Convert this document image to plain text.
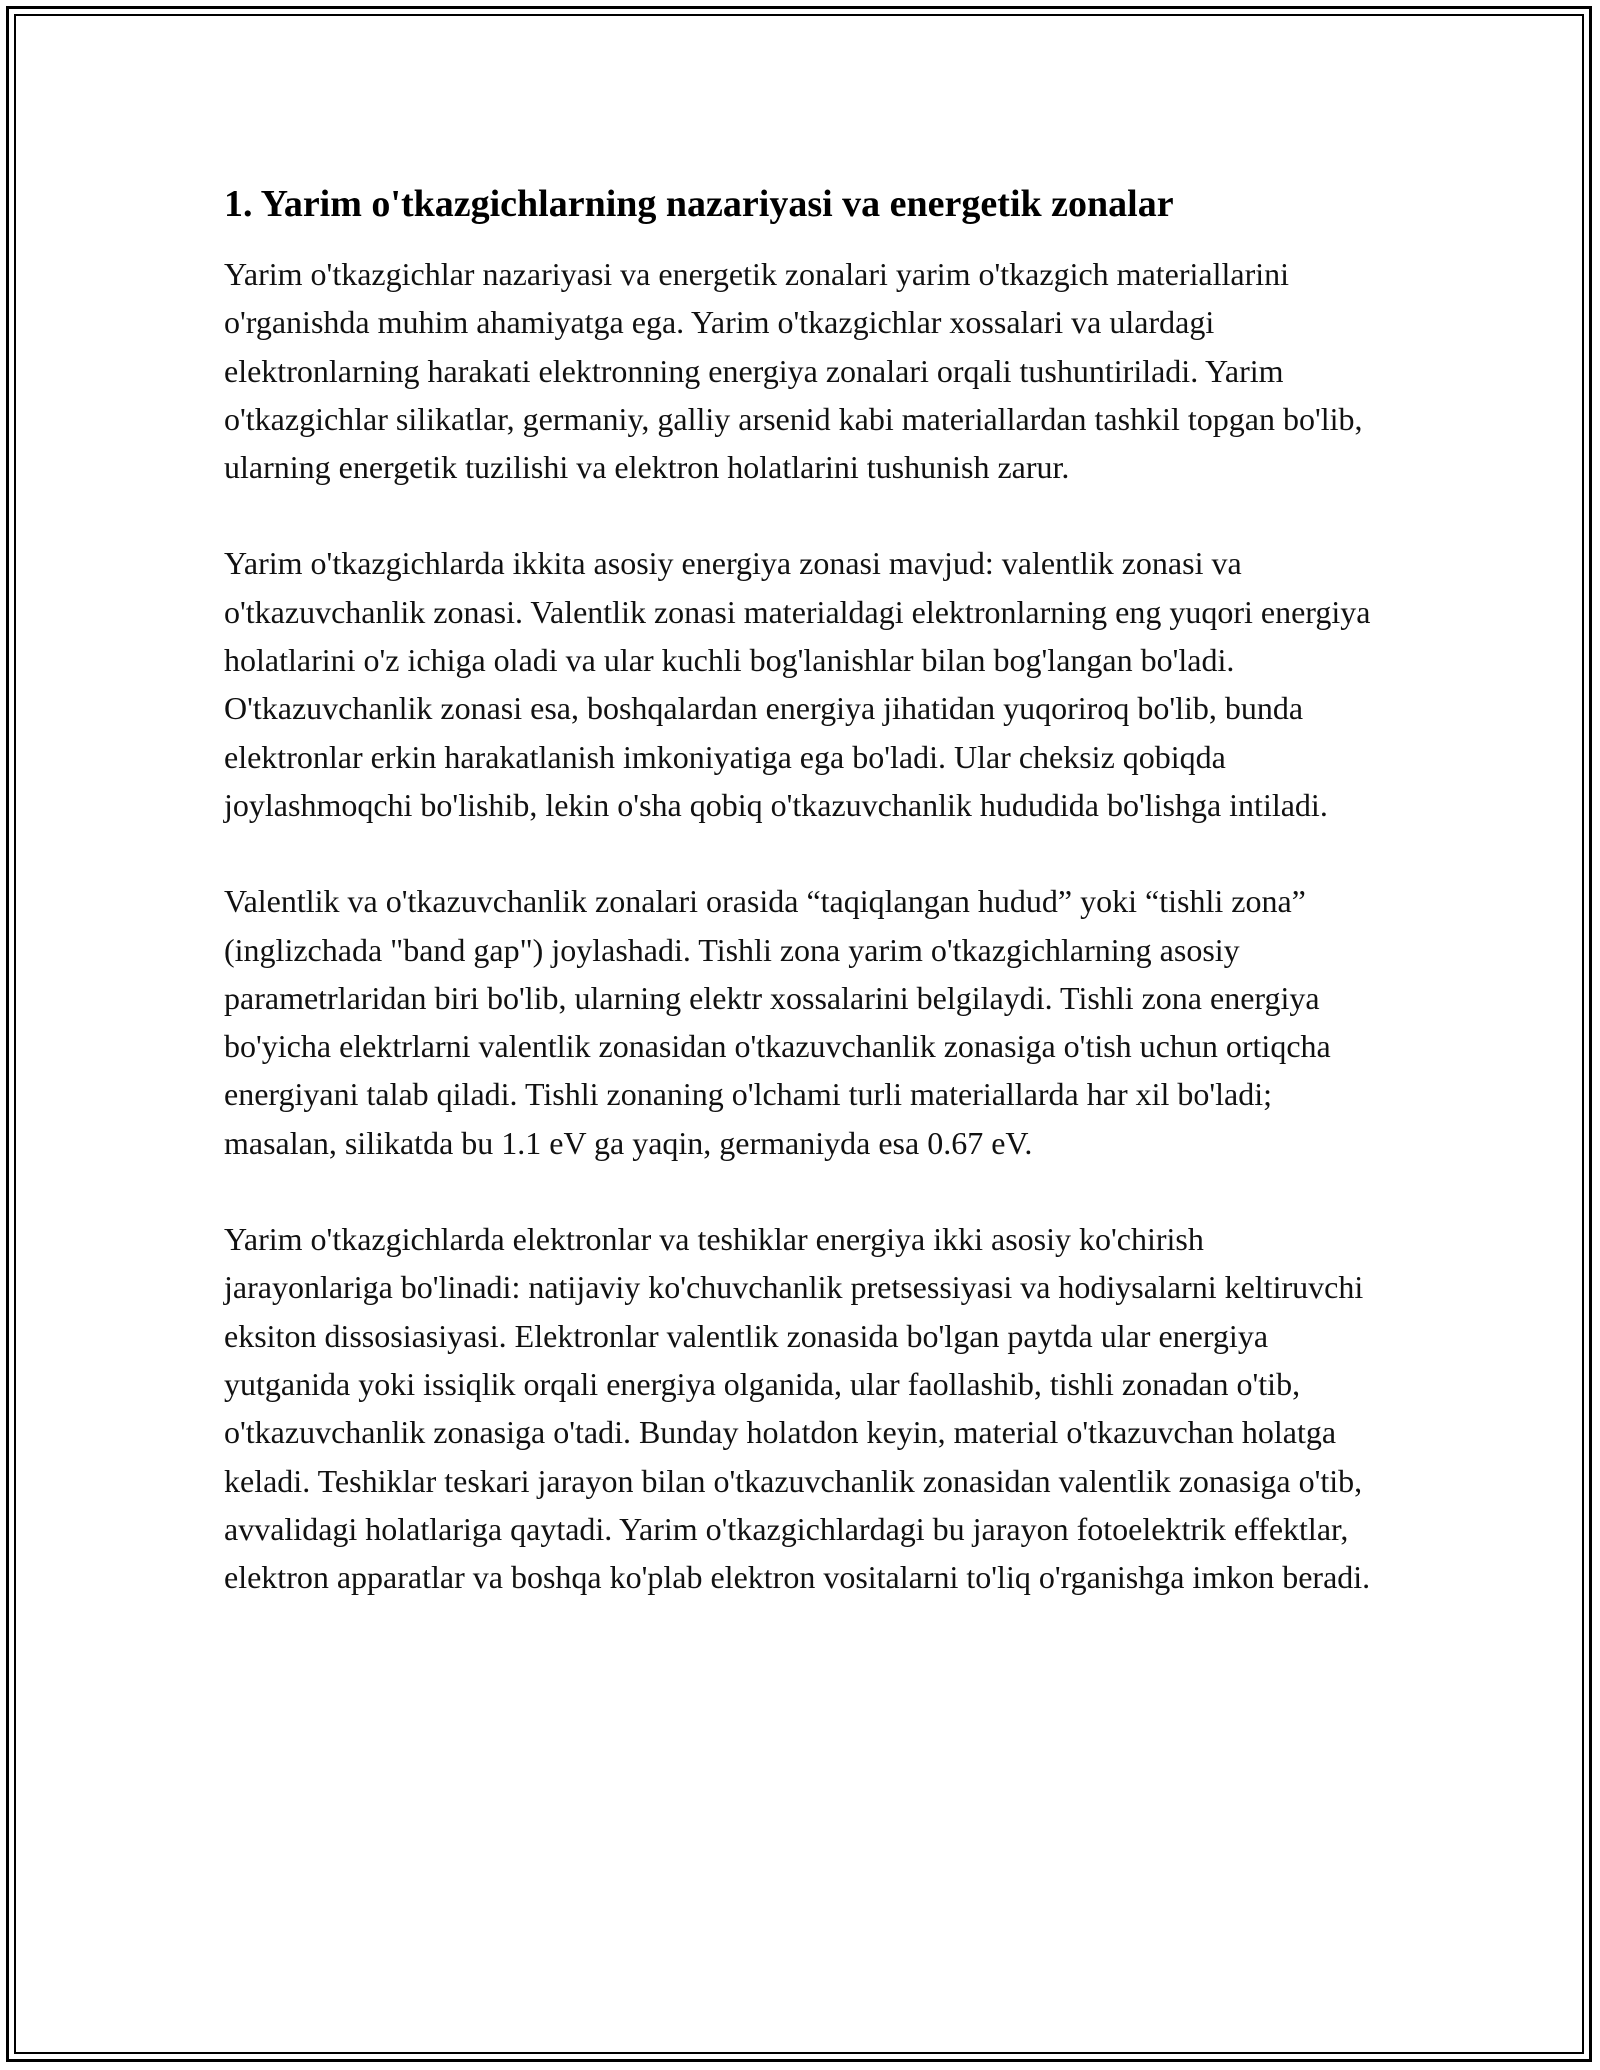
1. Yarim o'tkazgichlarning nazariyasi va energetik zonalar

Yarim o'tkazgichlar nazariyasi va energetik zonalari yarim o'tkazgich materiallarini o'rganishda muhim ahamiyatga ega. Yarim o'tkazgichlar xossalari va ulardagi elektronlarning harakati elektronning energiya zonalari orqali tushuntiriladi. Yarim o'tkazgichlar silikatlar, germaniy, galliy arsenid kabi materiallardan tashkil topgan bo'lib, ularning energetik tuzilishi va elektron holatlarini tushunish zarur.

Yarim o'tkazgichlarda ikkita asosiy energiya zonasi mavjud: valentlik zonasi va o'tkazuvchanlik zonasi. Valentlik zonasi materialdagi elektronlarning eng yuqori energiya holatlarini o'z ichiga oladi va ular kuchli bog'lanishlar bilan bog'langan bo'ladi. O'tkazuvchanlik zonasi esa, boshqalardan energiya jihatidan yuqoriroq bo'lib, bunda elektronlar erkin harakatlanish imkoniyatiga ega bo'ladi. Ular cheksiz qobiqda joylashmoqchi bo'lishib, lekin o'sha qobiq o'tkazuvchanlik hududida bo'lishga intiladi.

Valentlik va o'tkazuvchanlik zonalari orasida “taqiqlangan hudud” yoki “tishli zona” (inglizchada "band gap") joylashadi. Tishli zona yarim o'tkazgichlarning asosiy parametrlaridan biri bo'lib, ularning elektr xossalarini belgilaydi. Tishli zona energiya bo'yicha elektrlarni valentlik zonasidan o'tkazuvchanlik zonasiga o'tish uchun ortiqcha energiyani talab qiladi. Tishli zonaning o'lchami turli materiallarda har xil bo'ladi; masalan, silikatda bu 1.1 eV ga yaqin, germaniyda esa 0.67 eV.

Yarim o'tkazgichlarda elektronlar va teshiklar energiya ikki asosiy ko'chirish jarayonlariga bo'linadi: natijaviy ko'chuvchanlik pretsessiyasi va hodiysalarni keltiruvchi eksiton dissosiasiyasi. Elektronlar valentlik zonasida bo'lgan paytda ular energiya yutganida yoki issiqlik orqali energiya olganida, ular faollashib, tishli zonadan o'tib, o'tkazuvchanlik zonasiga o'tadi. Bunday holatdon keyin, material o'tkazuvchan holatga keladi. Teshiklar teskari jarayon bilan o'tkazuvchanlik zonasidan valentlik zonasiga o'tib, avvalidagi holatlariga qaytadi. Yarim o'tkazgichlardagi bu jarayon fotoelektrik effektlar, elektron apparatlar va boshqa ko'plab elektron vositalarni to'liq o'rganishga imkon beradi.
